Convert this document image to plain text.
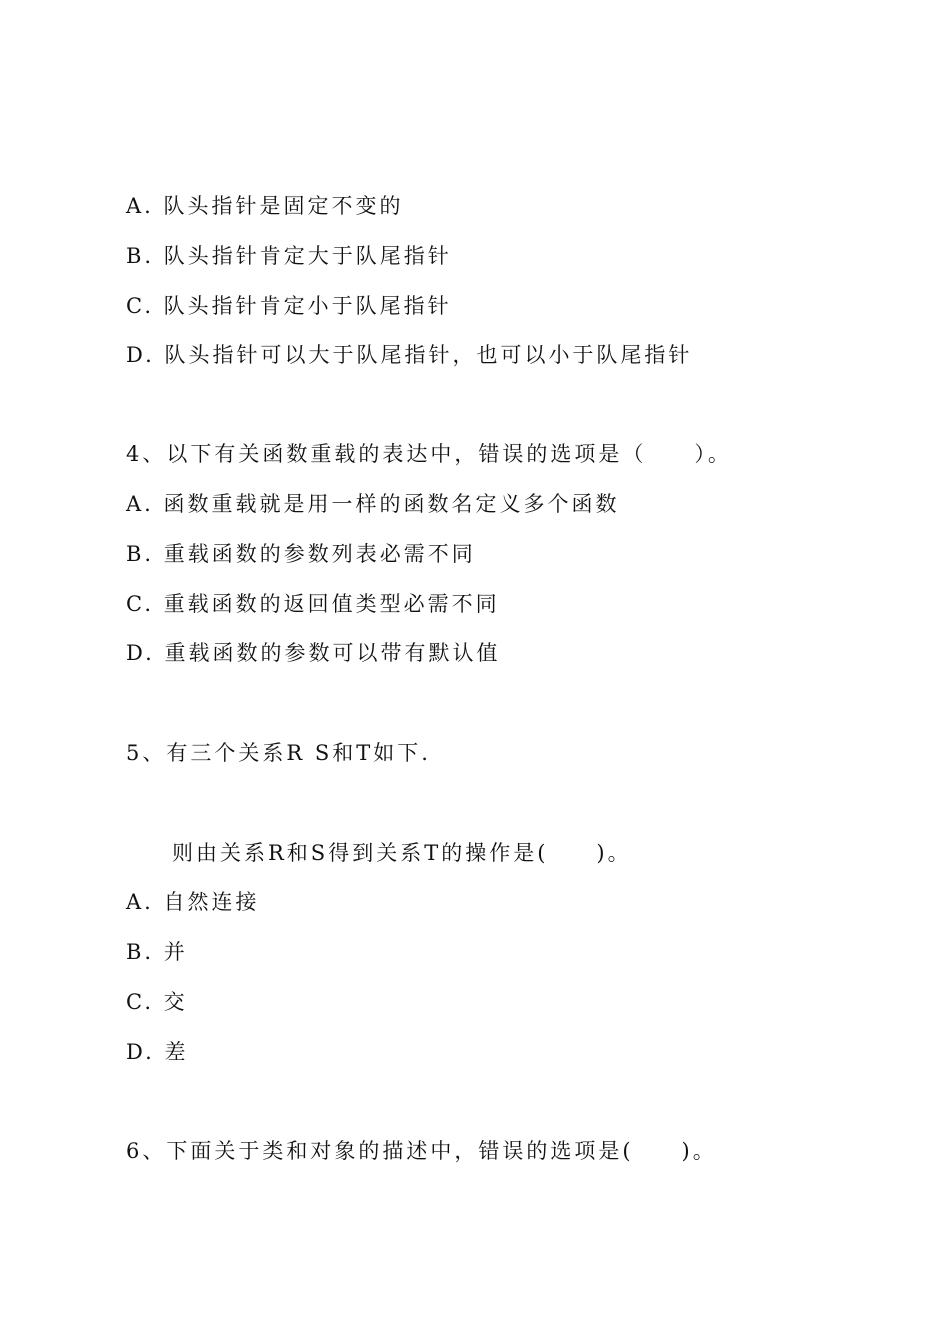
A. 队头指针是固定不变的
B. 队头指针肯定大于队尾指针
C. 队头指针肯定小于队尾指针
D. 队头指针可以大于队尾指针，也可以小于队尾指针
4、以下有关函数重载的表达中，错误的选项是（　　）。
A. 函数重载就是用一样的函数名定义多个函数
B. 重载函数的参数列表必需不同
C. 重载函数的返回值类型必需不同
D. 重载函数的参数可以带有默认值
5、有三个关系R S和T如下.
则由关系R和S得到关系T的操作是(　　)。
A. 自然连接
B. 并
C. 交
D. 差
6、下面关于类和对象的描述中，错误的选项是(　　)。
